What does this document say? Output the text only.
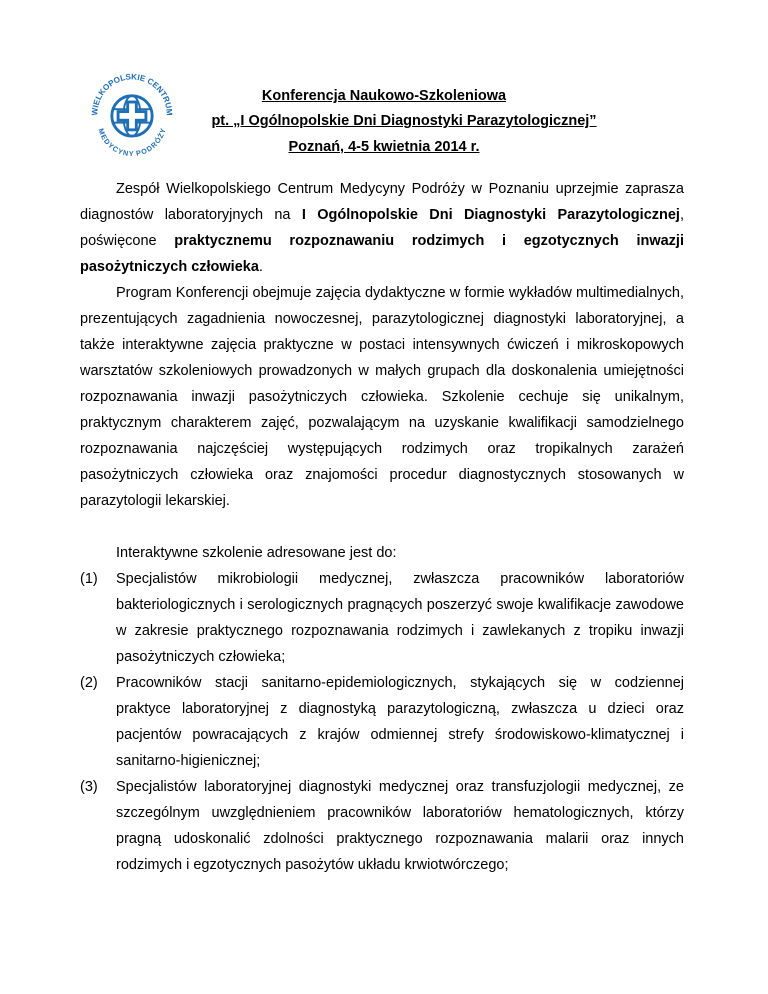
WIELKOPOLSKIE CENTRUM
MEDYCYNY PODRÓŻY
Konferencja Naukowo-Szkoleniowa
pt. „I Ogólnopolskie Dni Diagnostyki Parazytologicznej”
Poznań, 4-5 kwietnia 2014 r.

Zespół Wielkopolskiego Centrum Medycyny Podróży w Poznaniu uprzejmie zaprasza diagnostów laboratoryjnych na I Ogólnopolskie Dni Diagnostyki Parazytologicznej, poświęcone praktycznemu rozpoznawaniu rodzimych i egzotycznych inwazji pasożytniczych człowieka.

Program Konferencji obejmuje zajęcia dydaktyczne w formie wykładów multimedialnych, prezentujących zagadnienia nowoczesnej, parazytologicznej diagnostyki laboratoryjnej, a także interaktywne zajęcia praktyczne w postaci intensywnych ćwiczeń i mikroskopowych warsztatów szkoleniowych prowadzonych w małych grupach dla doskonalenia umiejętności rozpoznawania inwazji pasożytniczych człowieka. Szkolenie cechuje się unikalnym, praktycznym charakterem zajęć, pozwalającym na uzyskanie kwalifikacji samodzielnego rozpoznawania najczęściej występujących rodzimych oraz tropikalnych zarażeń pasożytniczych człowieka oraz znajomości procedur diagnostycznych stosowanych w parazytologii lekarskiej.

Interaktywne szkolenie adresowane jest do:

(1) Specjalistów mikrobiologii medycznej, zwłaszcza pracowników laboratoriów bakteriologicznych i serologicznych pragnących poszerzyć swoje kwalifikacje zawodowe w zakresie praktycznego rozpoznawania rodzimych i zawlekanych z tropiku inwazji pasożytniczych człowieka;
(2) Pracowników stacji sanitarno-epidemiologicznych, stykających się w codziennej praktyce laboratoryjnej z diagnostyką parazytologiczną, zwłaszcza u dzieci oraz pacjentów powracających z krajów odmiennej strefy środowiskowo-klimatycznej i sanitarno-higienicznej;
(3) Specjalistów laboratoryjnej diagnostyki medycznej oraz transfuzjologii medycznej, ze szczególnym uwzględnieniem pracowników laboratoriów hematologicznych, którzy pragną udoskonalić zdolności praktycznego rozpoznawania malarii oraz innych rodzimych i egzotycznych pasożytów układu krwiotwórczego;
